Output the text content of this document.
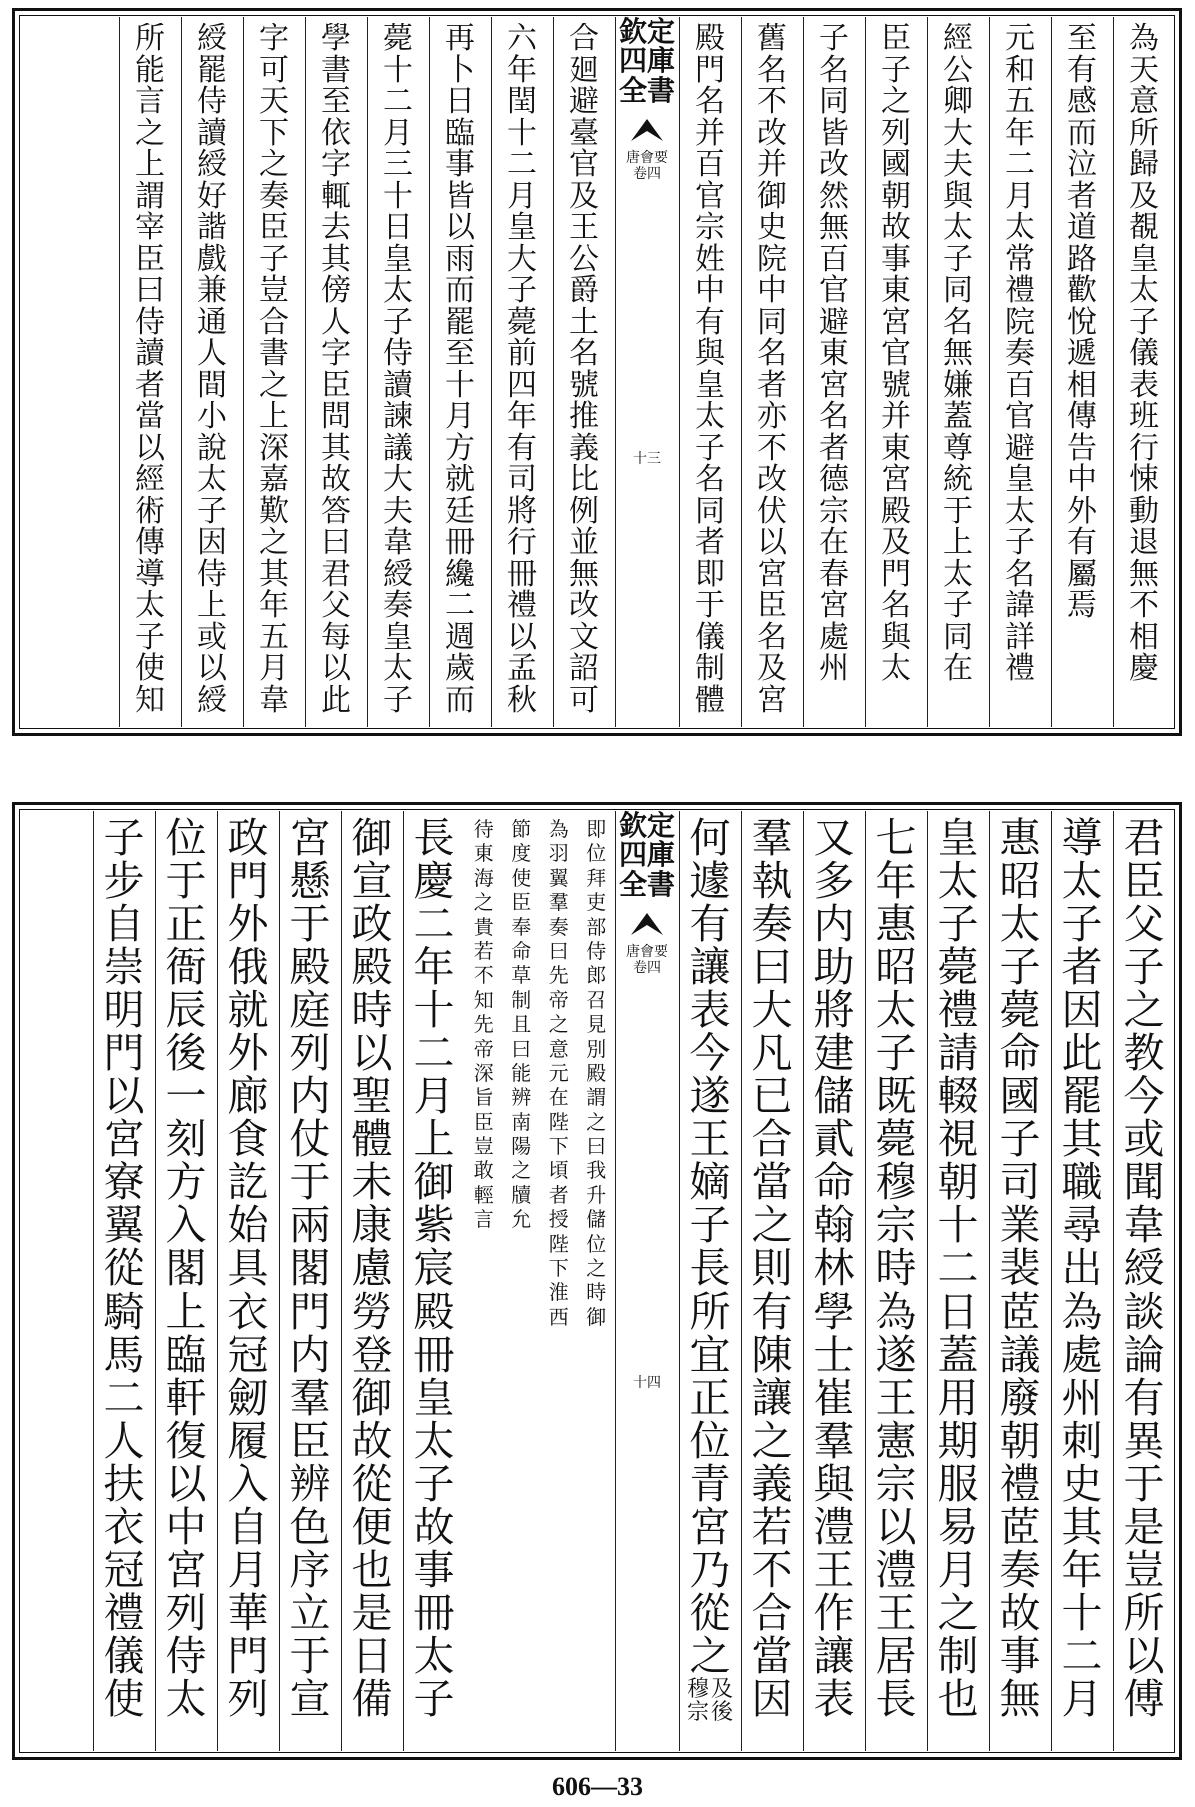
為
天
意
所
歸
及
覩
皇
太
子
儀
表
班
行
悚
動
退
無
不
相
慶
至
有
感
而
泣
者
道
路
歡
悅
遞
相
傳
告
中
外
有
屬
焉
元
和
五
年
二
月
太
常
禮
院
奏
百
官
避
皇
太
子
名
諱
詳
禮
經
公
卿
大
夫
與
太
子
同
名
無
嫌
蓋
尊
統
于
上
太
子
同
在
臣
子
之
列
國
朝
故
事
東
宮
官
號
并
東
宮
殿
及
門
名
與
太
子
名
同
皆
改
然
無
百
官
避
東
宮
名
者
德
宗
在
春
宮
處
州
舊
名
不
改
并
御
史
院
中
同
名
者
亦
不
改
伏
以
宮
臣
名
及
宮
殿
門
名
并
百
官
宗
姓
中
有
與
皇
太
子
名
同
者
即
于
儀
制
體
欽定四庫全書
唐會要
卷四
十三
合
廻
避
臺
官
及
王
公
爵
土
名
號
推
義
比
例
並
無
改
文
詔
可
六
年
閏
十
二
月
皇
大
子
薨
前
四
年
有
司
將
行
冊
禮
以
孟
秋
再
卜
日
臨
事
皆
以
雨
而
罷
至
十
月
方
就
廷
冊
纔
二
週
歲
而
薨
十
二
月
三
十
日
皇
太
子
侍
讀
諫
議
大
夫
韋
綬
奏
皇
太
子
學
書
至
依
字
輒
去
其
傍
人
字
臣
問
其
故
答
曰
君
父
每
以
此
字
可
天
下
之
奏
臣
子
豈
合
書
之
上
深
嘉
歎
之
其
年
五
月
韋
綬
罷
侍
讀
綬
好
諧
戲
兼
通
人
間
小
說
太
子
因
侍
上
或
以
綬
所
能
言
之
上
謂
宰
臣
曰
侍
讀
者
當
以
經
術
傳
導
太
子
使
知
君
臣
父
子
之
教
今
或
聞
韋
綬
談
論
有
異
于
是
豈
所
以
傅
導
太
子
者
因
此
罷
其
職
尋
出
為
處
州
刺
史
其
年
十
二
月
惠
昭
太
子
薨
命
國
子
司
業
裴
茝
議
廢
朝
禮
茝
奏
故
事
無
皇
太
子
薨
禮
請
輟
視
朝
十
二
日
蓋
用
期
服
易
月
之
制
也
七
年
惠
昭
太
子
既
薨
穆
宗
時
為
遂
王
憲
宗
以
澧
王
居
長
又
多
内
助
將
建
儲
貳
命
翰
林
學
士
崔
羣
與
澧
王
作
讓
表
羣
執
奏
曰
大
凡
已
合
當
之
則
有
陳
讓
之
義
若
不
合
當
因
何
遽
有
讓
表
今
遂
王
嫡
子
長
所
宜
正
位
青
宮
乃
從
之
及
後
穆
宗
欽定四庫全書
唐會要
卷四
十四
即
位
拜
吏
部
侍
郎
召
見
別
殿
謂
之
曰
我
升
儲
位
之
時
御
為
羽
翼
羣
奏
曰
先
帝
之
意
元
在
陛
下
頃
者
授
陛
下
淮
西
節
度
使
臣
奉
命
草
制
且
曰
能
辨
南
陽
之
牘
允
待
東
海
之
貴
若
不
知
先
帝
深
旨
臣
豈
敢
輕
言
長
慶
二
年
十
二
月
上
御
紫
宸
殿
冊
皇
太
子
故
事
冊
太
子
御
宣
政
殿
時
以
聖
體
未
康
慮
勞
登
御
故
從
便
也
是
日
備
宮
懸
于
殿
庭
列
内
仗
于
兩
閣
門
内
羣
臣
辨
色
序
立
于
宣
政
門
外
俄
就
外
廊
食
訖
始
具
衣
冠
劒
履
入
自
月
華
門
列
位
于
正
衙
辰
後
一
刻
方
入
閣
上
臨
軒
復
以
中
宮
列
侍
太
子
步
自
崇
明
門
以
宮
寮
翼
從
騎
馬
二
人
扶
衣
冠
禮
儀
使
606—33
